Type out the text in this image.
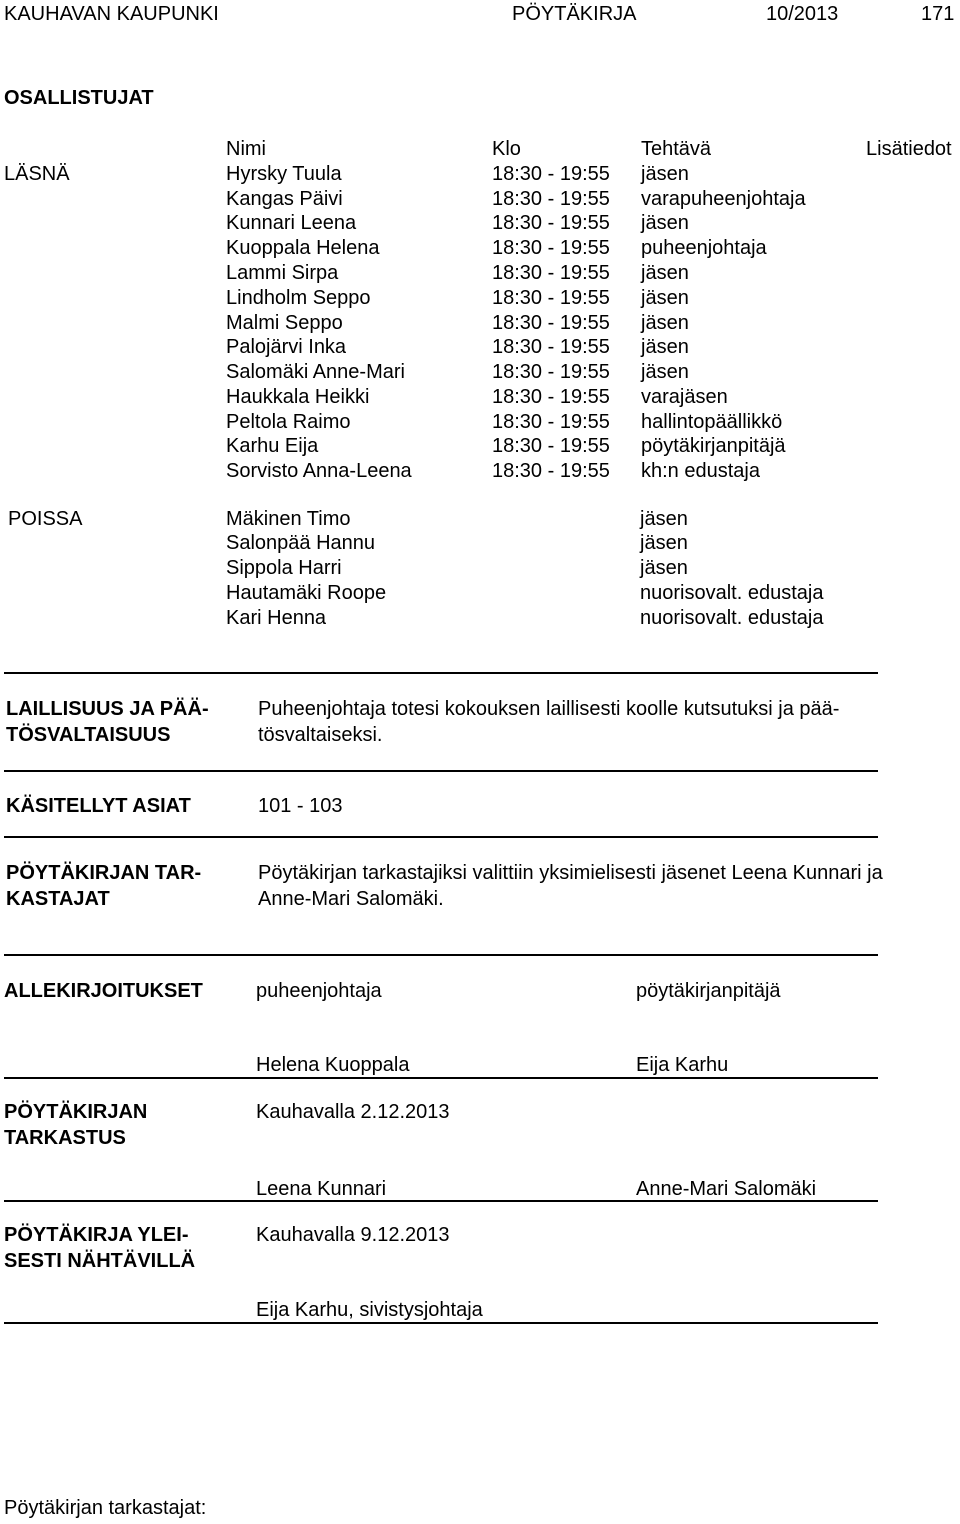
KAUHAVAN KAUPUNKI	PÖYTÄKIRJA	10/2013	171
OSALLISTUJAT
Nimi	Klo	Tehtävä	Lisätiedot
LÄSNÄ	Hyrsky Tuula	18:30 - 19:55 jäsen
Kangas Päivi	18:30 - 19:55 varapuheenjohtaja
Kunnari Leena	18:30 - 19:55 jäsen
Kuoppala Helena	18:30 - 19:55 puheenjohtaja
Lammi Sirpa	18:30 - 19:55 jäsen
Lindholm Seppo	18:30 - 19:55 jäsen
Malmi Seppo	18:30 - 19:55 jäsen
Palojärvi Inka	18:30 - 19:55 jäsen
Salomäki Anne-Mari	18:30 - 19:55 jäsen
Haukkala Heikki	18:30 - 19:55 varajäsen
Peltola Raimo	18:30 - 19:55 hallintopäällikkö
Karhu Eija	18:30 - 19:55 pöytäkirjanpitäjä
Sorvisto Anna-Leena	18:30 - 19:55 kh:n edustaja
POISSA	Mäkinen Timo	jäsen
Salonpää Hannu	jäsen
Sippola Harri	jäsen
Hautamäki Roope	nuorisovalt. edustaja
Kari Henna	nuorisovalt. edustaja
LAILLISUUS JA PÄÄ-
TÖSVALTAISUUS
Puheenjohtaja totesi kokouksen laillisesti koolle kutsutuksi ja pää-
tösvaltaiseksi.
KÄSITELLYT ASIAT	101 - 103
PÖYTÄKIRJAN TAR-
KASTAJAT
Pöytäkirjan tarkastajiksi valittiin yksimielisesti jäsenet Leena Kunnari ja
Anne-Mari Salomäki.
ALLEKIRJOITUKSET	puheenjohtaja	pöytäkirjanpitäjä
Helena Kuoppala	Eija Karhu
PÖYTÄKIRJAN
TARKASTUS
Kauhavalla 2.12.2013
Leena Kunnari	Anne-Mari Salomäki
PÖYTÄKIRJA YLEI-
SESTI NÄHTÄVILLÄ
Kauhavalla 9.12.2013
Eija Karhu, sivistysjohtaja
Pöytäkirjan tarkastajat:
